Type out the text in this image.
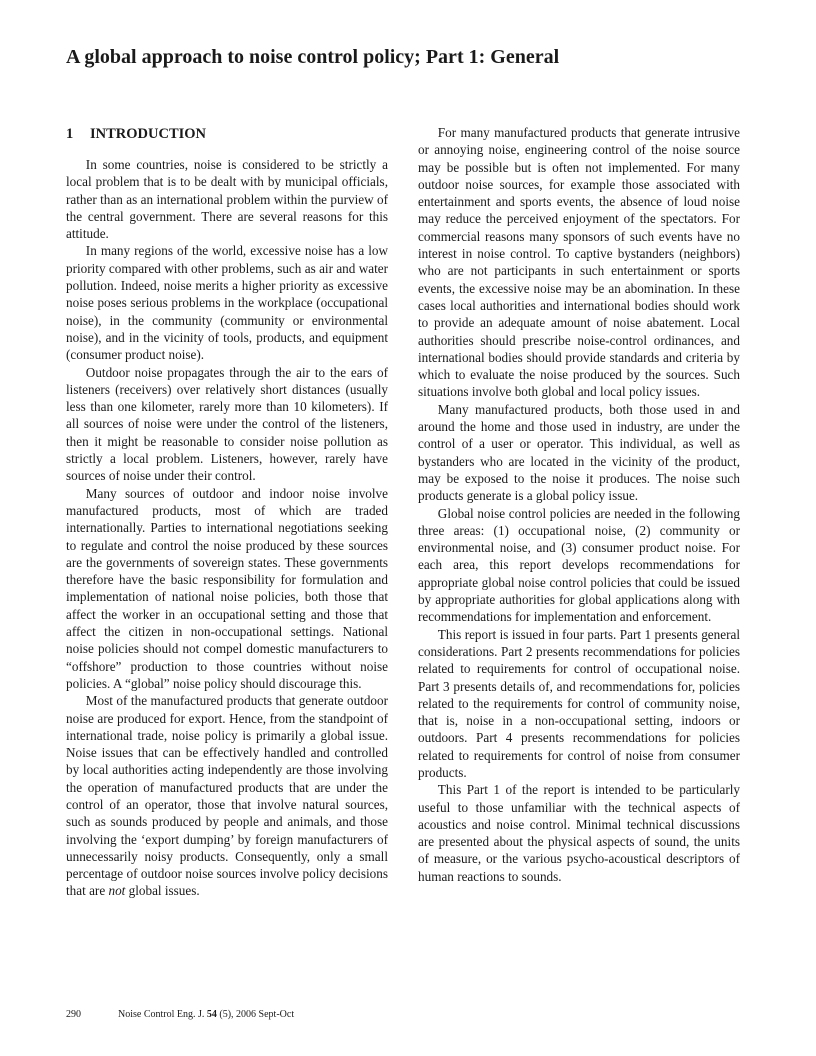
A global approach to noise control policy; Part 1: General
1 INTRODUCTION

In some countries, noise is considered to be strictly a local problem that is to be dealt with by municipal officials, rather than as an international problem within the purview of the central government. There are several reasons for this attitude.

In many regions of the world, excessive noise has a low priority compared with other problems, such as air and water pollution. Indeed, noise merits a higher priority as excessive noise poses serious problems in the workplace (occupational noise), in the community (community or environmental noise), and in the vicinity of tools, products, and equipment (consumer product noise).

Outdoor noise propagates through the air to the ears of listeners (receivers) over relatively short distances (usually less than one kilometer, rarely more than 10 kilometers). If all sources of noise were under the control of the listeners, then it might be reasonable to consider noise pollution as strictly a local problem. Listeners, however, rarely have sources of noise under their control.

Many sources of outdoor and indoor noise involve manufactured products, most of which are traded internationally. Parties to international negotiations seeking to regulate and control the noise produced by these sources are the governments of sovereign states. These governments therefore have the basic responsibility for formulation and implementation of national noise policies, both those that affect the worker in an occupational setting and those that affect the citizen in non-occupational settings. National noise policies should not compel domestic manufacturers to “offshore” production to those countries without noise policies. A “global” noise policy should discourage this.

Most of the manufactured products that generate outdoor noise are produced for export. Hence, from the standpoint of international trade, noise policy is primarily a global issue. Noise issues that can be effectively handled and controlled by local authorities acting independently are those involving the operation of manufactured products that are under the control of an operator, those that involve natural sources, such as sounds produced by people and animals, and those involving the ‘export dumping’ by foreign manufacturers of unnecessarily noisy products. Consequently, only a small percentage of outdoor noise sources involve policy decisions that are not global issues.

For many manufactured products that generate intrusive or annoying noise, engineering control of the noise source may be possible but is often not implemented. For many outdoor noise sources, for example those associated with entertainment and sports events, the absence of loud noise may reduce the perceived enjoyment of the spectators. For commercial reasons many sponsors of such events have no interest in noise control. To captive bystanders (neighbors) who are not participants in such entertainment or sports events, the excessive noise may be an abomination. In these cases local authorities and international bodies should work to provide an adequate amount of noise abatement. Local authorities should prescribe noise-control ordinances, and international bodies should provide standards and criteria by which to evaluate the noise produced by the sources. Such situations involve both global and local policy issues.

Many manufactured products, both those used in and around the home and those used in industry, are under the control of a user or operator. This individual, as well as bystanders who are located in the vicinity of the product, may be exposed to the noise it produces. The noise such products generate is a global policy issue.

Global noise control policies are needed in the following three areas: (1) occupational noise, (2) community or environmental noise, and (3) consumer product noise. For each area, this report develops recommendations for appropriate global noise control policies that could be issued by appropriate authorities for global applications along with recommendations for implementation and enforcement.

This report is issued in four parts. Part 1 presents general considerations. Part 2 presents recommendations for policies related to requirements for control of occupational noise. Part 3 presents details of, and recommendations for, policies related to the requirements for control of community noise, that is, noise in a non-occupational setting, indoors or outdoors. Part 4 presents recommendations for policies related to requirements for control of noise from consumer products.

This Part 1 of the report is intended to be particularly useful to those unfamiliar with the technical aspects of acoustics and noise control. Minimal technical discussions are presented about the physical aspects of sound, the units of measure, or the various psycho-acoustical descriptors of human reactions to sounds.

290	Noise Control Eng. J. 54 (5), 2006 Sept-Oct
